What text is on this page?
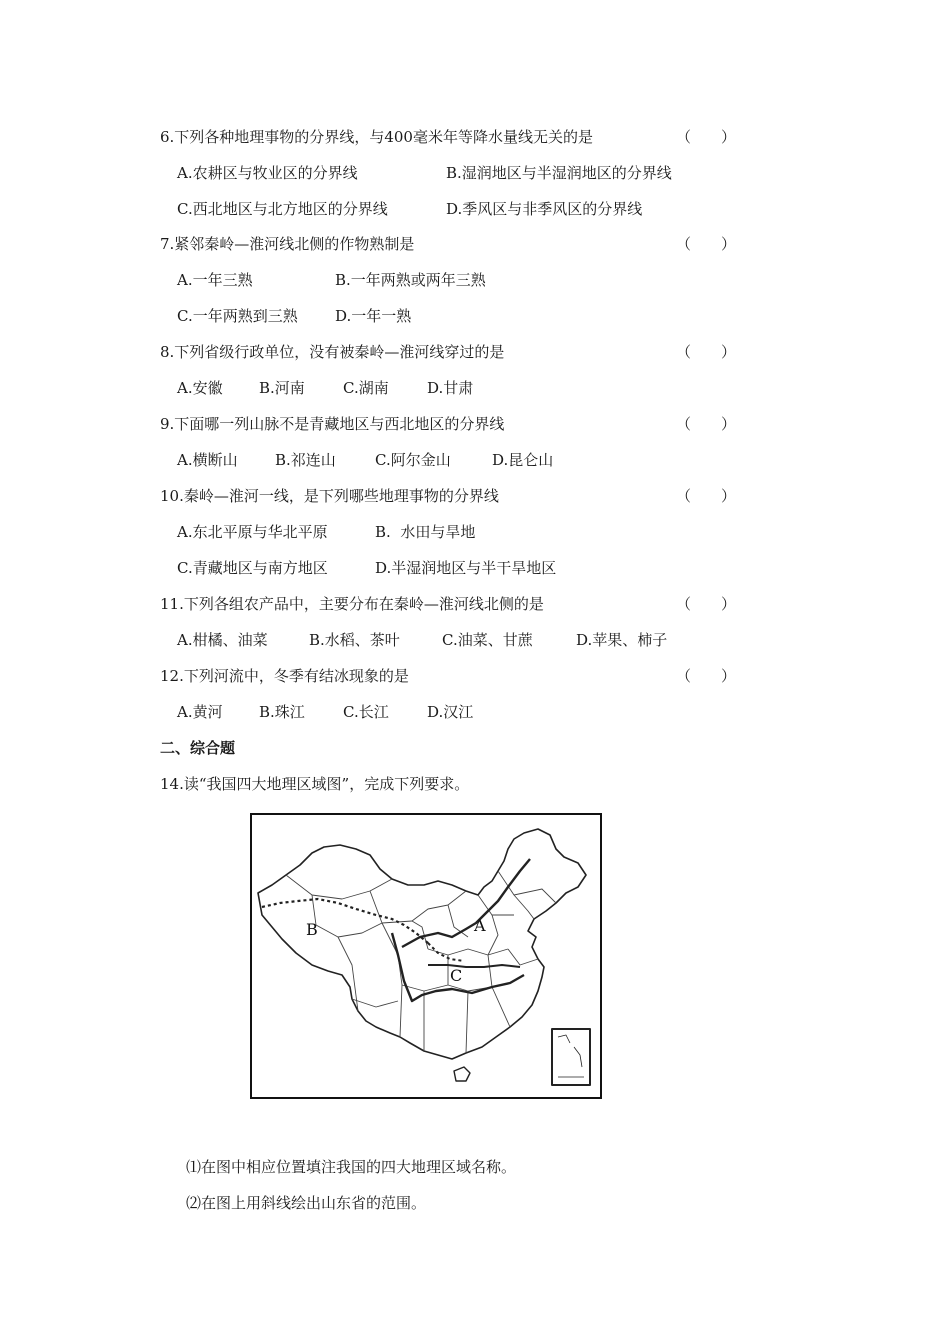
6.下列各种地理事物的分界线，与400毫米年等降水量线无关的是	（　　）
A.农耕区与牧业区的分界线	B.湿润地区与半湿润地区的分界线
C.西北地区与北方地区的分界线	D.季风区与非季风区的分界线
7.紧邻秦岭—淮河线北侧的作物熟制是	（　　）
A.一年三熟	B.一年两熟或两年三熟
C.一年两熟到三熟 D.一年一熟
8.下列省级行政单位，没有被秦岭—淮河线穿过的是	（　　）
A.安徽 B.河南	C.湖南	D.甘肃
9.下面哪一列山脉不是青藏地区与西北地区的分界线	（　　）
A.横断山 B.祁连山	C.阿尔金山	D.昆仑山
10.秦岭—淮河一线，是下列哪些地理事物的分界线	（　　）
A.东北平原与华北平原	B.  水田与旱地
C.青藏地区与南方地区	D.半湿润地区与半干旱地区
11.下列各组农产品中，主要分布在秦岭—淮河线北侧的是	（　　）
A.柑橘、油菜	B.水稻、茶叶	C.油菜、甘蔗	D.苹果、柿子
12.下列河流中，冬季有结冰现象的是	（　　）
A.黄河 B.珠江	C.长江	D.汉江
二、综合题
14.读“我国四大地理区域图”，完成下列要求。
B	A
C
⑴在图中相应位置填注我国的四大地理区域名称。
⑵在图上用斜线绘出山东省的范围。
